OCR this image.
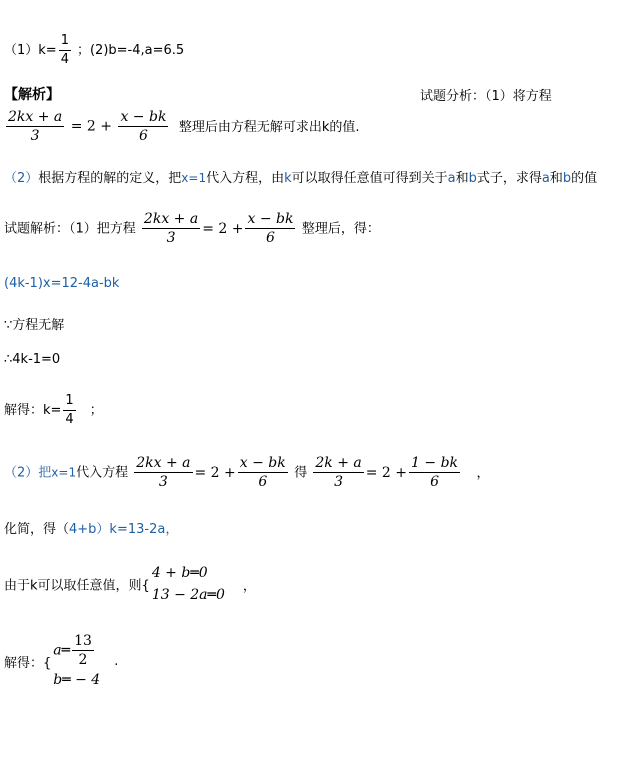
$(1)k= \frac{1}{4}$ ；(2)b=-4,a=6.5
【解析】	试题分析：（1）将方程
$\frac{2kx + a}{3} = 2 + \frac{x - bk}{6}$ 整理后由方程无解可求出k的值.
（2）根据方程的解的定义，把x=1代入方程，由k可以取得任意值可得到关于a和b式子，求得a和b的值
试题解析：（1）把方程 $\frac{2kx + a}{3} = 2 + \frac{x - bk}{6}$ 整理后，得：
(4k-1)x=12-4a-bk
∵方程无解
∴4k-1=0
解得：$k= \frac{1}{4}$ ；
（2）把x=1代入方程 $\frac{2kx + a}{3} = 2 + \frac{x - bk}{6}$ 得 $\frac{2k + a}{3} = 2 + \frac{1 - bk}{6}$ ，
化简，得（4+b）k=13-2a，
由于k可以取任意值，则{
4 + b═0
13 − 2a═0
，
解得：{
a═ $\frac{13}{2}$
b═ − 4
.
